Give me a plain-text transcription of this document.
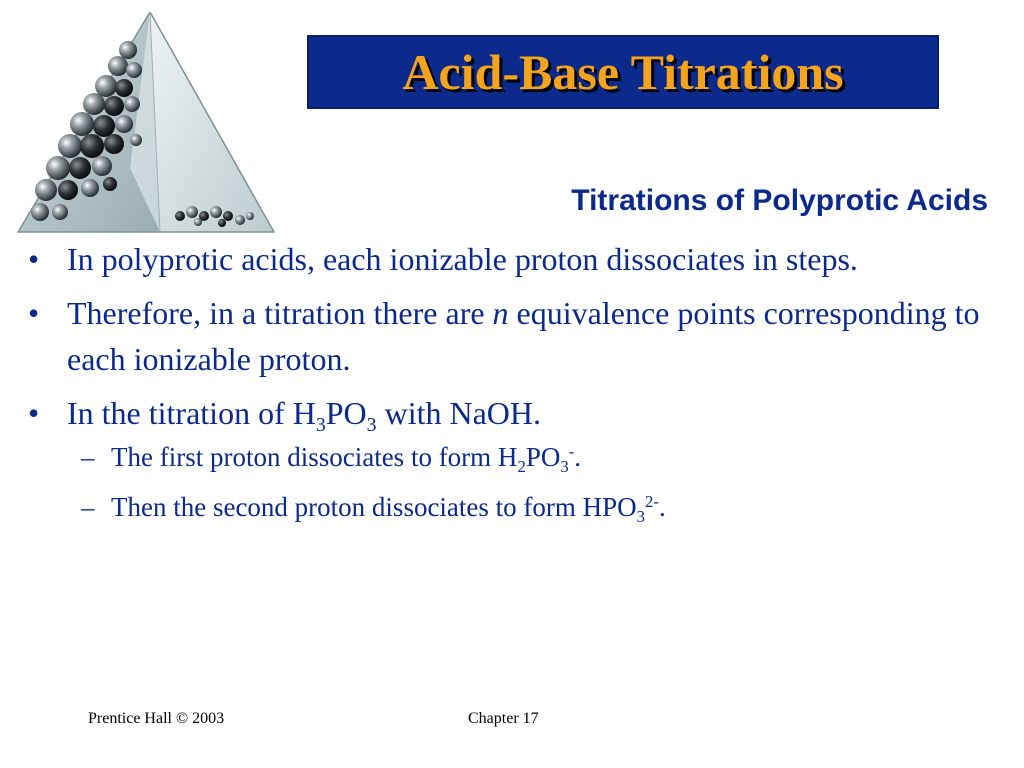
Acid-Base Titrations
Titrations of Polyprotic Acids
• In polyprotic acids, each ionizable proton dissociates in steps.
• Therefore, in a titration there are n equivalence points corresponding to each ionizable proton.
• In the titration of $H_3PO_3$ with NaOH.
– The first proton dissociates to form $H_2PO_3^-$.
– Then the second proton dissociates to form $HPO_3^{2-}$.
Prentice Hall © 2003	Chapter 17
